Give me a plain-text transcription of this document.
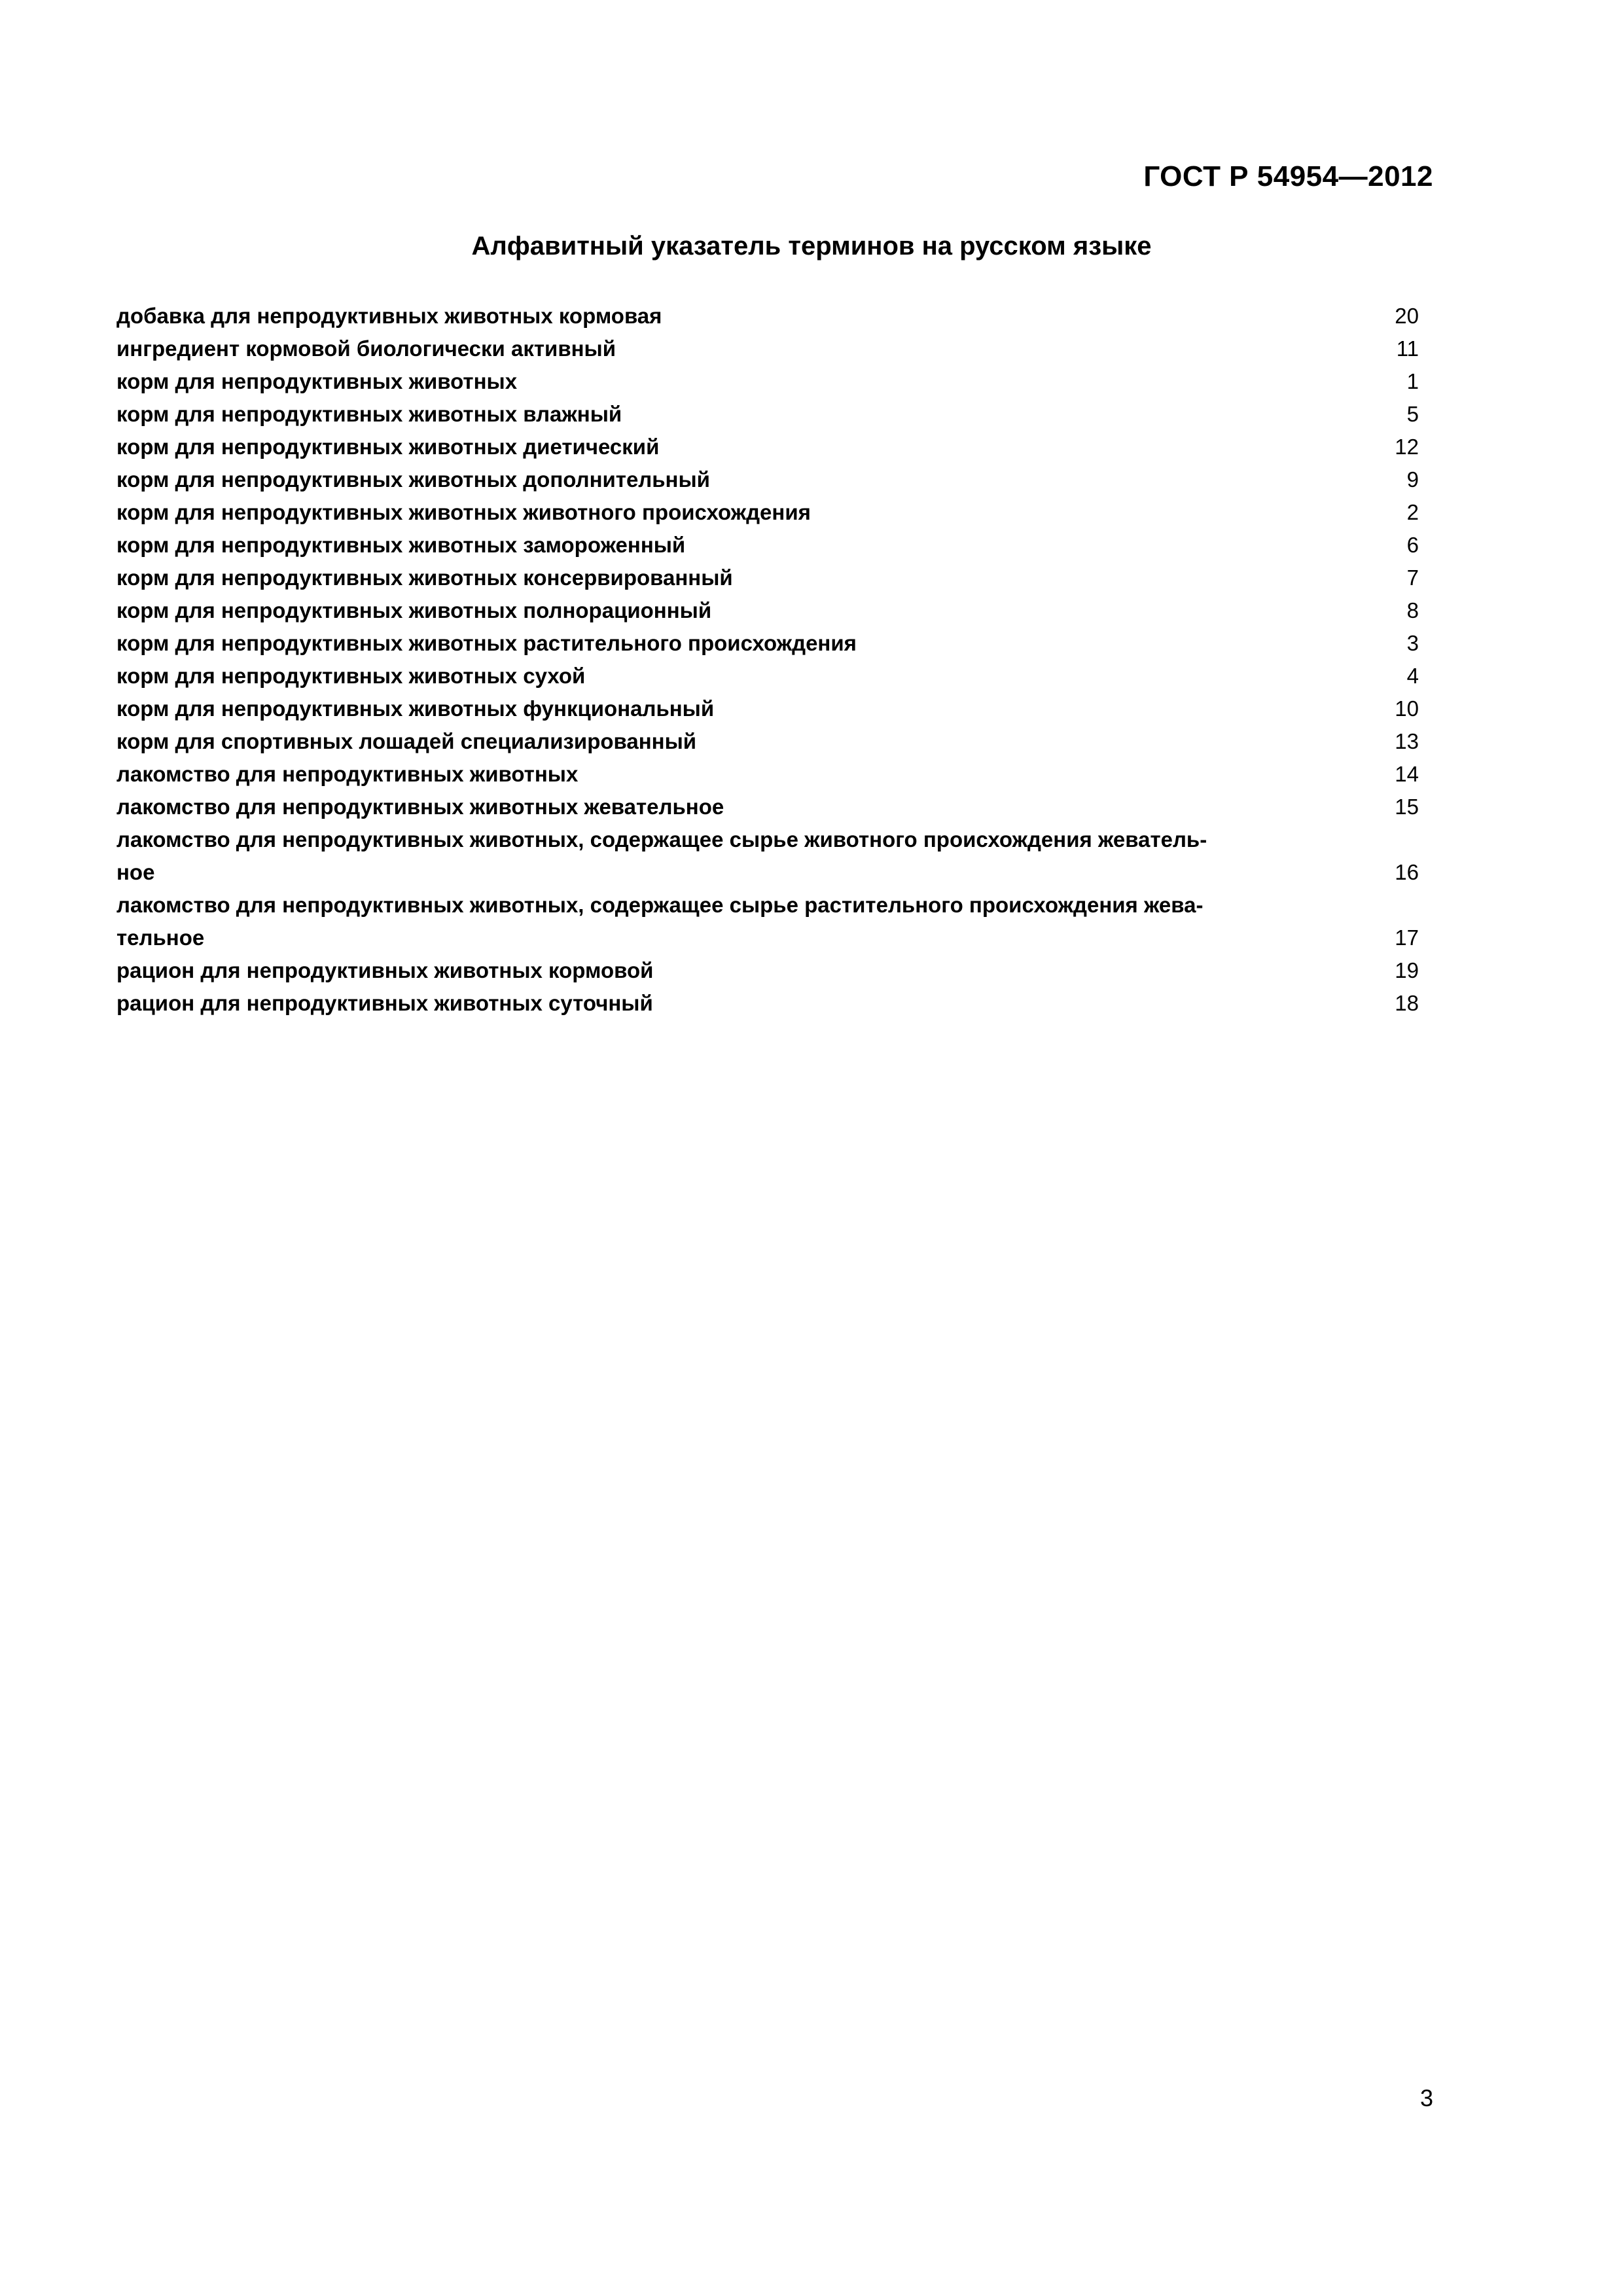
ГОСТ Р 54954—2012
Алфавитный указатель терминов на русском языке
добавка для непродуктивных животных кормовая	20
ингредиент кормовой биологически активный	11
корм для непродуктивных животных	1
корм для непродуктивных животных влажный	5
корм для непродуктивных животных диетический	12
корм для непродуктивных животных дополнительный	9
корм для непродуктивных животных животного происхождения	2
корм для непродуктивных животных замороженный	6
корм для непродуктивных животных консервированный	7
корм для непродуктивных животных полнорационный	8
корм для непродуктивных животных растительного происхождения	3
корм для непродуктивных животных сухой	4
корм для непродуктивных животных функциональный	10
корм для спортивных лошадей специализированный	13
лакомство для непродуктивных животных	14
лакомство для непродуктивных животных жевательное	15
лакомство для непродуктивных животных, содержащее сырье животного происхождения жеватель-
ное	16
лакомство для непродуктивных животных, содержащее сырье растительного происхождения жева-
тельное	17
рацион для непродуктивных животных кормовой	19
рацион для непродуктивных животных суточный	18
3
